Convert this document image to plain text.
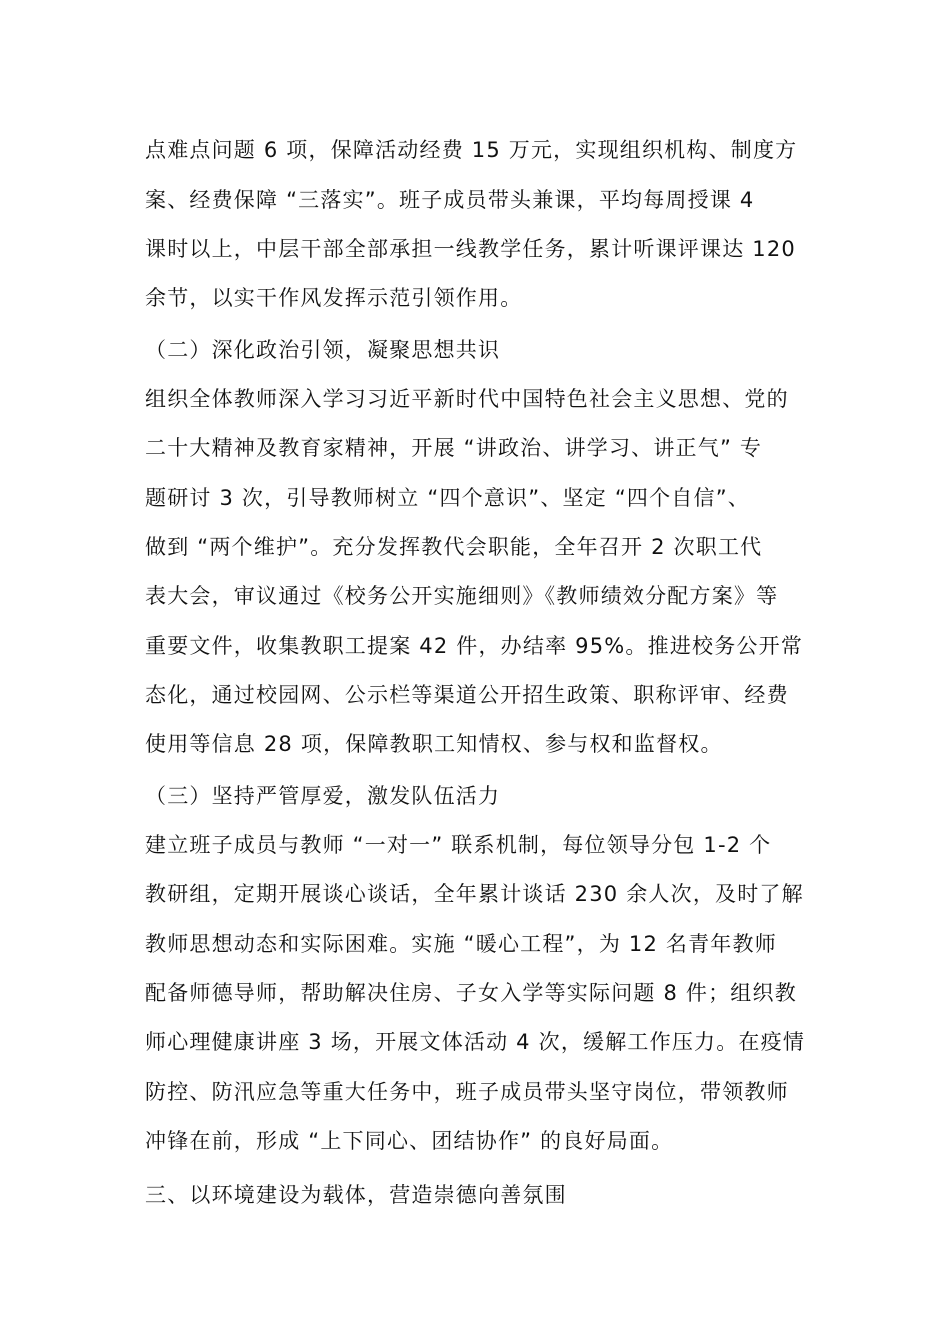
点难点问题 6 项，保障活动经费 15 万元，实现组织机构、制度方
案、经费保障 “三落实”。班子成员带头兼课，平均每周授课 4
课时以上，中层干部全部承担一线教学任务，累计听课评课达 120
余节，以实干作风发挥示范引领作用。
（二）深化政治引领，凝聚思想共识
组织全体教师深入学习习近平新时代中国特色社会主义思想、党的
二十大精神及教育家精神，开展 “讲政治、讲学习、讲正气” 专
题研讨 3 次，引导教师树立 “四个意识”、坚定 “四个自信”、
做到 “两个维护”。充分发挥教代会职能，全年召开 2 次职工代
表大会，审议通过《校务公开实施细则》《教师绩效分配方案》等
重要文件，收集教职工提案 42 件，办结率 95%。推进校务公开常
态化，通过校园网、公示栏等渠道公开招生政策、职称评审、经费
使用等信息 28 项，保障教职工知情权、参与权和监督权。
（三）坚持严管厚爱，激发队伍活力
建立班子成员与教师 “一对一” 联系机制，每位领导分包 1-2 个
教研组，定期开展谈心谈话，全年累计谈话 230 余人次，及时了解
教师思想动态和实际困难。实施 “暖心工程”，为 12 名青年教师
配备师德导师，帮助解决住房、子女入学等实际问题 8 件；组织教
师心理健康讲座 3 场，开展文体活动 4 次，缓解工作压力。在疫情
防控、防汛应急等重大任务中，班子成员带头坚守岗位，带领教师
冲锋在前，形成 “上下同心、团结协作” 的良好局面。
三、以环境建设为载体，营造崇德向善氛围
